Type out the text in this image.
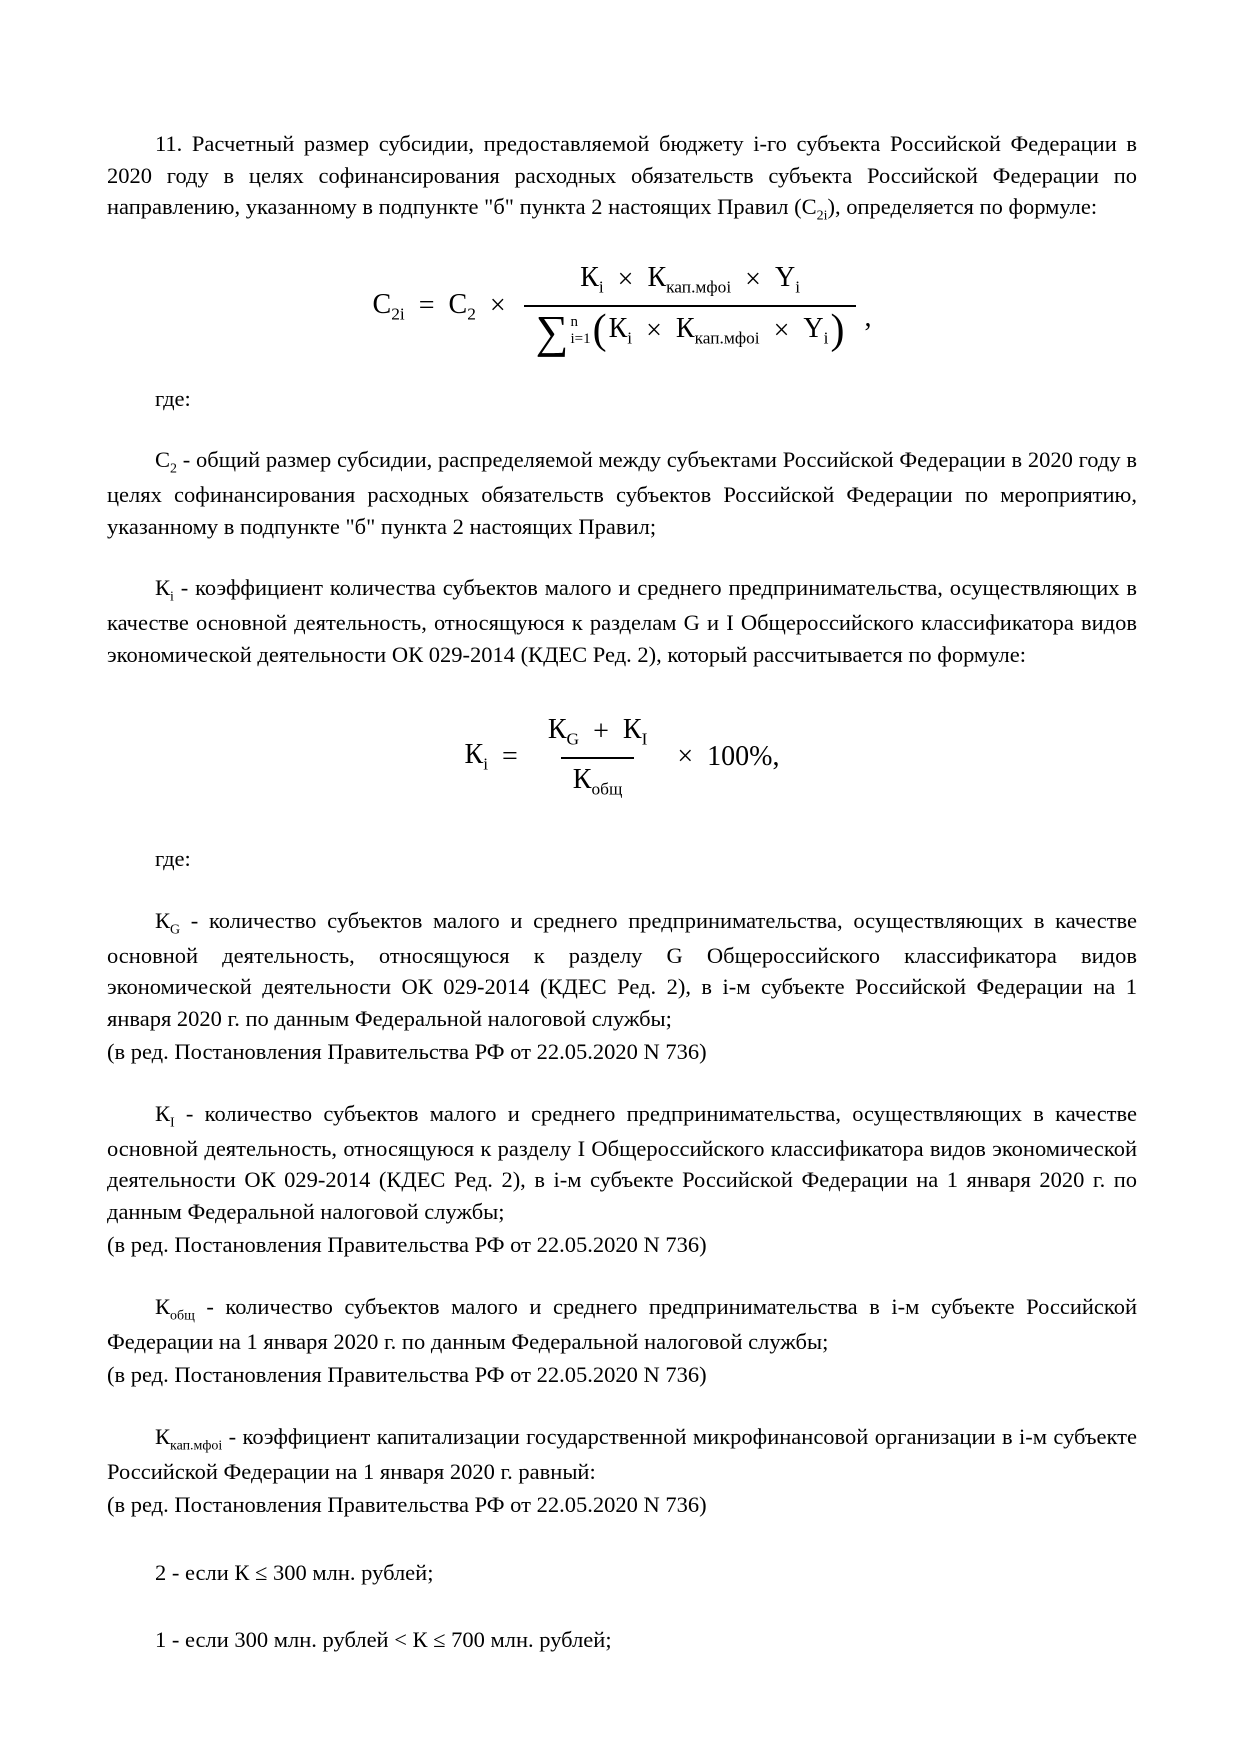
11. Расчетный размер субсидии, предоставляемой бюджету i-го субъекта Российской Федерации в 2020 году в целях софинансирования расходных обязательств субъекта Российской Федерации по направлению, указанному в подпункте "б" пункта 2 настоящих Правил $(С_{2i})$, определяется по формуле:

$С_{2i} = С_2$ ×
$К_i \times К_{кап.мфоi} \times Y_i$
∑ n
i=1 ( $К_i \times К_{кап.мфоi} \times Y_i$ ) ,

где:

$С_2$ - общий размер субсидии, распределяемой между субъектами Российской Федерации в 2020 году в целях софинансирования расходных обязательств субъектов Российской Федерации по мероприятию, указанному в подпункте "б" пункта 2 настоящих Правил;

$К_i$ - коэффициент количества субъектов малого и среднего предпринимательства, осуществляющих в качестве основной деятельность, относящуюся к разделам G и I Общероссийского классификатора видов экономической деятельности ОК 029-2014 (КДЕС Ред. 2), который рассчитывается по формуле:

$К_i = \frac{К_G + К_I}{К_{общ}} \times 100\%$,

где:

$К_G$ - количество субъектов малого и среднего предпринимательства, осуществляющих в качестве основной деятельность, относящуюся к разделу G Общероссийского классификатора видов экономической деятельности ОК 029-2014 (КДЕС Ред. 2), в i-м субъекте Российской Федерации на 1 января 2020 г. по данным Федеральной налоговой службы;

(в ред. Постановления Правительства РФ от 22.05.2020 N 736)

$К_I$ - количество субъектов малого и среднего предпринимательства, осуществляющих в качестве основной деятельность, относящуюся к разделу I Общероссийского классификатора видов экономической деятельности ОК 029-2014 (КДЕС Ред. 2), в i-м субъекте Российской Федерации на 1 января 2020 г. по данным Федеральной налоговой службы;

(в ред. Постановления Правительства РФ от 22.05.2020 N 736)

$К_{общ}$ - количество субъектов малого и среднего предпринимательства в i-м субъекте Российской Федерации на 1 января 2020 г. по данным Федеральной налоговой службы;

(в ред. Постановления Правительства РФ от 22.05.2020 N 736)

$К_{кап.мфоi}$ - коэффициент капитализации государственной микрофинансовой организации в i-м субъекте Российской Федерации на 1 января 2020 г. равный:

(в ред. Постановления Правительства РФ от 22.05.2020 N 736)

2 - если К ≤ 300 млн. рублей;

1 - если 300 млн. рублей < К ≤ 700 млн. рублей;
